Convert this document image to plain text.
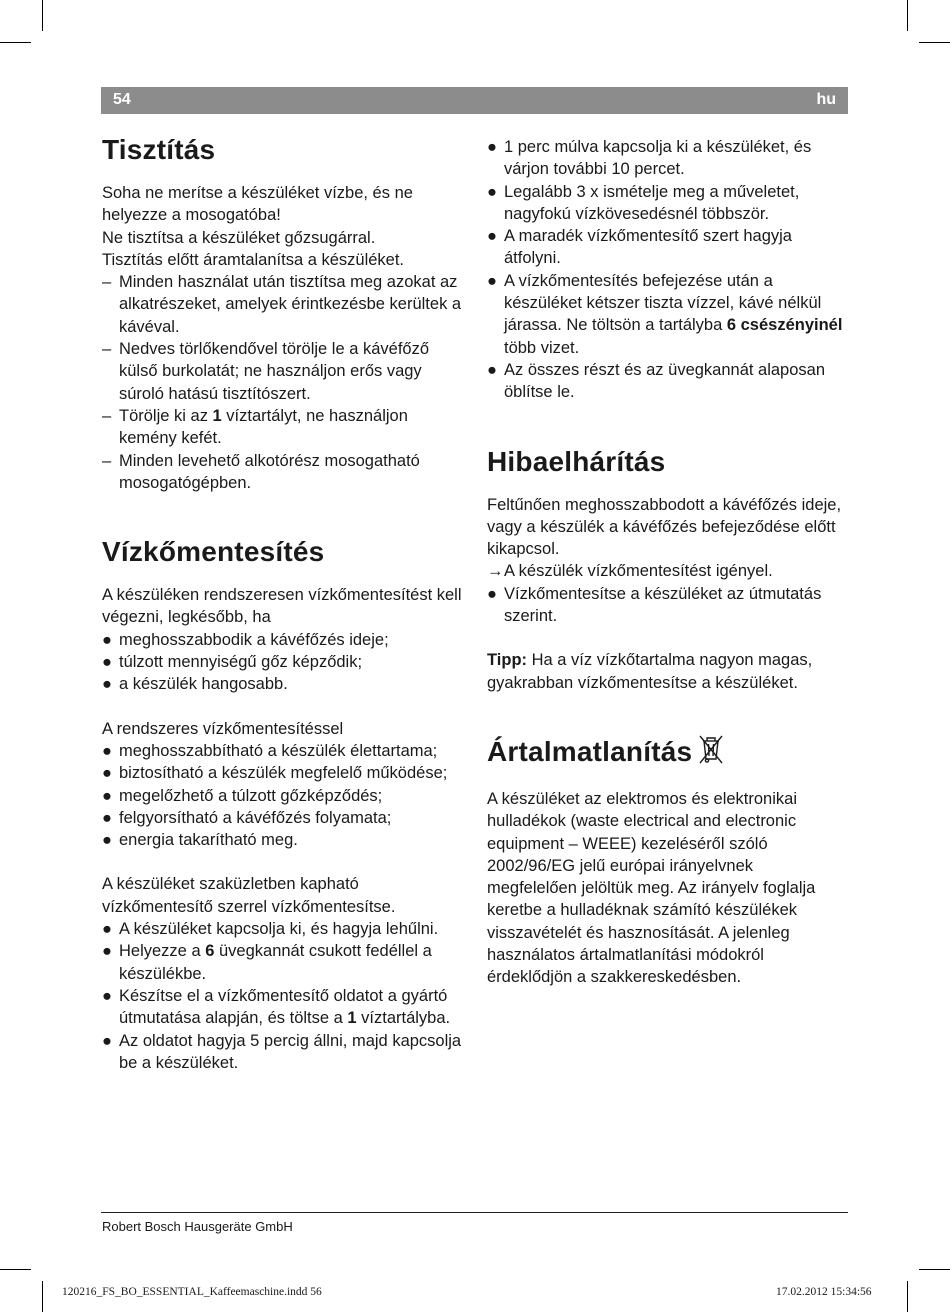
54	hu
Tisztítás

Soha ne merítse a készüléket vízbe, és ne helyezze a mosogatóba!

Ne tisztítsa a készüléket gőzsugárral.

Tisztítás előtt áramtalanítsa a készüléket.

– Minden használat után tisztítsa meg azokat az alkatrészeket, amelyek érintkezésbe kerültek a kávéval.
– Nedves törlőkendővel törölje le a kávéfőző külső burkolatát; ne használjon erős vagy súroló hatású tisztítószert.
– Törölje ki az 1 víztartályt, ne használjon kemény kefét.
– Minden levehető alkotórész mosogatható mosogatógépben.
Vízkőmentesítés

A készüléken rendszeresen vízkőmentesítést kell végezni, legkésőbb, ha

● meghosszabbodik a kávéfőzés ideje;
● túlzott mennyiségű gőz képződik;
● a készülék hangosabb.

A rendszeres vízkőmentesítéssel

● meghosszabbítható a készülék élettartama;
● biztosítható a készülék megfelelő működése;
● megelőzhető a túlzott gőzképződés;
● felgyorsítható a kávéfőzés folyamata;
● energia takarítható meg.

A készüléket szaküzletben kapható vízkőmentesítő szerrel vízkőmentesítse.

● A készüléket kapcsolja ki, és hagyja lehűlni.
● Helyezze a 6 üvegkannát csukott fedéllel a készülékbe.
● Készítse el a vízkőmentesítő oldatot a gyártó útmutatása alapján, és töltse a 1 víztartályba.
● Az oldatot hagyja 5 percig állni, majd kapcsolja be a készüléket.
● 1 perc múlva kapcsolja ki a készüléket, és várjon további 10 percet.
● Legalább 3 x ismételje meg a műveletet, nagyfokú vízkövesedésnél többször.
● A maradék vízkőmentesítő szert hagyja átfolyni.
● A vízkőmentesítés befejezése után a készüléket kétszer tiszta vízzel, kávé nélkül járassa. Ne töltsön a tartályba 6 csészényinél több vizet.
● Az összes részt és az üvegkannát alaposan öblítse le.
Hibaelhárítás

Feltűnően meghosszabbodott a kávéfőzés ideje, vagy a készülék a kávéfőzés befejeződése előtt kikapcsol.

→ A készülék vízkőmentesítést igényel.
● Vízkőmentesítse a készüléket az útmutatás szerint.

Tipp: Ha a víz vízkőtartalma nagyon magas, gyakrabban vízkőmentesítse a készüléket.

Ártalmatlanítás

A készüléket az elektromos és elektronikai hulladékok (waste electrical and electronic equipment – WEEE) kezeléséről szóló 2002/96/EG jelű európai irányelvnek megfelelően jelöltük meg. Az irányelv foglalja keretbe a hulladéknak számító készülékek visszavételét és hasznosítását. A jelenleg használatos ártalmatlanítási módokról érdeklődjön a szakkereskedésben.

Robert Bosch Hausgeräte GmbH
120216_FS_BO_ESSENTIAL_Kaffeemaschine.indd 56	17.02.2012 15:34:56
